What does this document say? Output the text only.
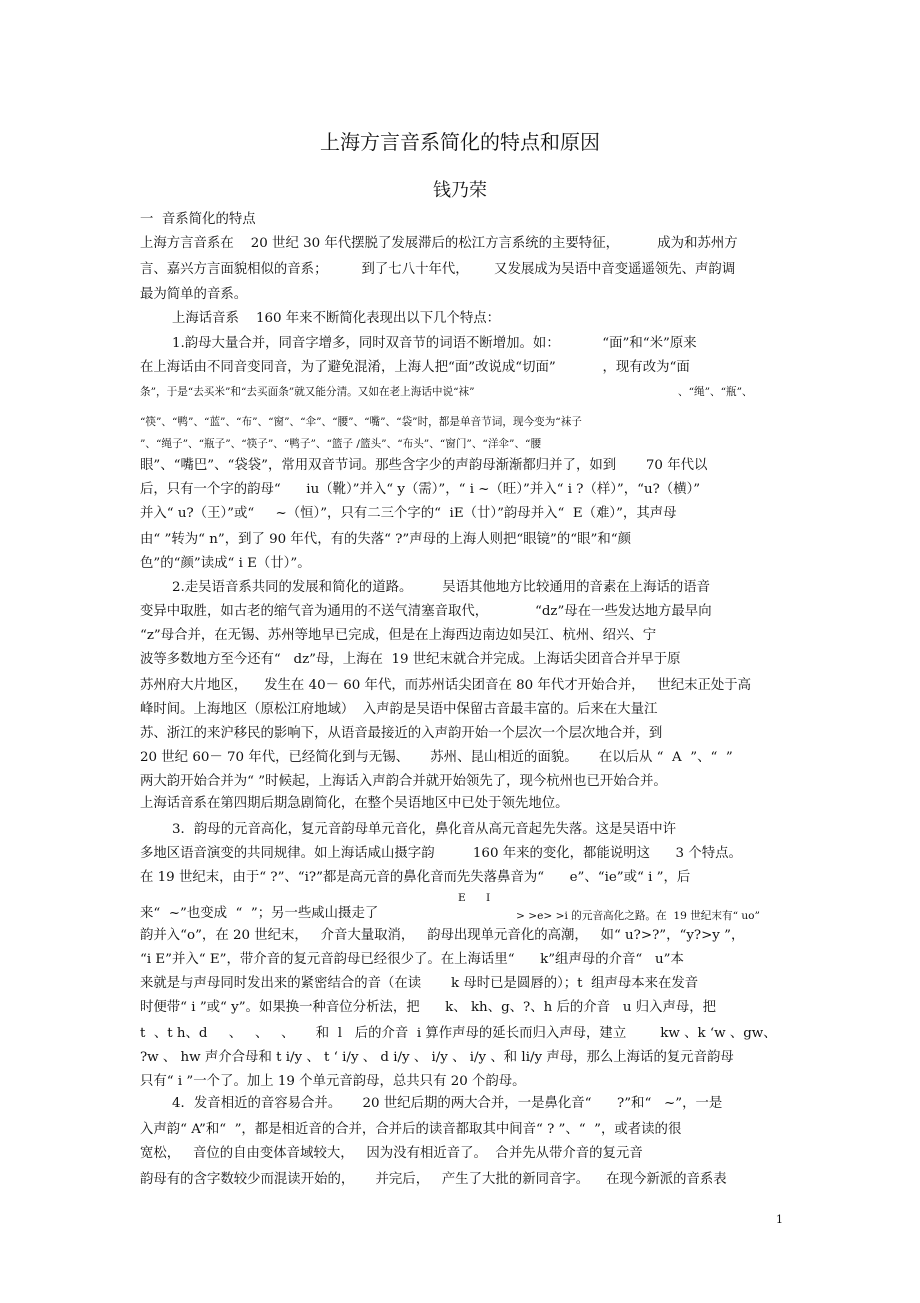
上海方言音系简化的特点和原因
钱乃荣
一  音系简化的特点
上海方言音系在    20 世纪 30 年代摆脱了发展滞后的松江方言系统的主要特征，         成为和苏州方
言、嘉兴方言面貌相似的音系；        到了七八十年代，      又发展成为吴语中音变遥遥领先、声韵调
最为简单的音系。
上海话音系    160 年来不断简化表现出以下几个特点：
1.韵母大量合并，同音字增多，同时双音节的词语不断增加。如：          “面”和“米”原来
在上海话由不同音变同音，为了避免混淆，上海人把“面”改说成“切面”           ，现有改为“面
条”，于是“去买米”和“去买面条”就又能分清。又如在老上海话中说“袜”	、“绳”、“瓶”、
“筷”、“鸭”、“蓝”、“布”、“窗”、“伞”、“腰”、“嘴”、“袋”时，都是单音节词，现今变为“袜子
”、“绳子”、“瓶子”、“筷子”、“鸭子”、“篮子 /篮头”、“布头”、“窗门”、“洋伞”、“腰
眼”、“嘴巴”、“袋袋”，常用双音节词。那些含字少的声韵母渐渐都归并了，如到       70 年代以
后，只有一个字的韵母“      iu（靴）”并入“ y（需）”，“ i ~（旺）”并入“ i ?（样）”，“u?（横）”
并入“ u?（王）”或“     ~（恒）”，只有二三个字的“  iE（廿）”韵母并入“  E（难）”，其声母
由“ ”转为“ n”，到了 90 年代，有的失落“ ?”声母的上海人则把“眼镜”的“眼”和“颜
色”的“颜”读成“ i E（廿）”。
2.走吴语音系共同的发展和简化的道路。       吴语其他地方比较通用的音素在上海话的语音
变异中取胜，如古老的缩气音为通用的不送气清塞音取代，           “dz”母在一些发达地方最早向
“z”母合并，在无锡、苏州等地早已完成，但是在上海西边南边如吴江、杭州、绍兴、宁
波等多数地方至今还有“   dz”母，上海在  19 世纪末就合并完成。上海话尖团音合并早于原
苏州府大片地区，    发生在 40－ 60 年代，而苏州话尖团音在 80 年代才开始合并，   世纪末正处于高
峰时间。上海地区（原松江府地域）  入声韵是吴语中保留古音最丰富的。后来在大量江
苏、浙江的来沪移民的影响下，从语音最接近的入声韵开始一个层次一个层次地合并，到
20 世纪 60－ 70 年代，已经简化到与无锡、     苏州、昆山相近的面貌。     在以后从 “  A  ”、“  ”
两大韵开始合并为“ ”时候起，上海话入声韵合并就开始领先了，现今杭州也已开始合并。
上海话音系在第四期后期急剧简化，在整个吴语地区中已处于领先地位。
3．韵母的元音高化，复元音韵母单元音化，鼻化音从高元音起先失落。这是吴语中许
多地区语音演变的共同规律。如上海话咸山摄字韵         160 年来的变化，都能说明这      3 个特点。
在 19 世纪末，由于“ ?”、“i?”都是高元音的鼻化音而先失落鼻音为“      e”、“ie”或“ i ”，后
E      I
来“  ~”也变成  “  ”；另一些咸山摄走了	> >e> >i 的元音高化之路。在  19 世纪末有“ uo”
韵并入“o”，在 20 世纪末，   介音大量取消，   韵母出现单元音化的高潮，   如“ u?>?”，“y?>y ”，
“i E”并入“ E”，带介音的复元音韵母已经很少了。在上海话里“      k”组声母的介音“   u”本
来就是与声母同时发出来的紧密结合的音（在读       k 母时已是圆唇的）；t  组声母本来在发音
时便带“ i ”或“ y”。如果换一种音位分析法，把      k、 kh、g、?、h 后的介音   u 归入声母，把
t  、t h、d     、   、   、     和  l   后的介音  i 算作声母的延长而归入声母，建立        kw 、k ‘w 、gw、
?w 、 hw 声介合母和 t i/y 、 t ‘ i/y 、 d i/y 、 i/y 、 i/y 、和 li/y 声母，那么上海话的复元音韵母
只有“ i ”一个了。加上 19 个单元音韵母，总共只有 20 个韵母。
4．发音相近的音容易合并。     20 世纪后期的两大合并，一是鼻化音“      ?”和“   ~”，一是
入声韵“ A”和“  ”，都是相近音的合并，合并后的读音都取其中间音“ ? ”、“  ”，或者读的很
宽松，   音位的自由变体音域较大，   因为没有相近音了。  合并先从带介音的复元音
韵母有的含字数较少而混读开始的，     并完后，   产生了大批的新同音字。    在现今新派的音系表
1
